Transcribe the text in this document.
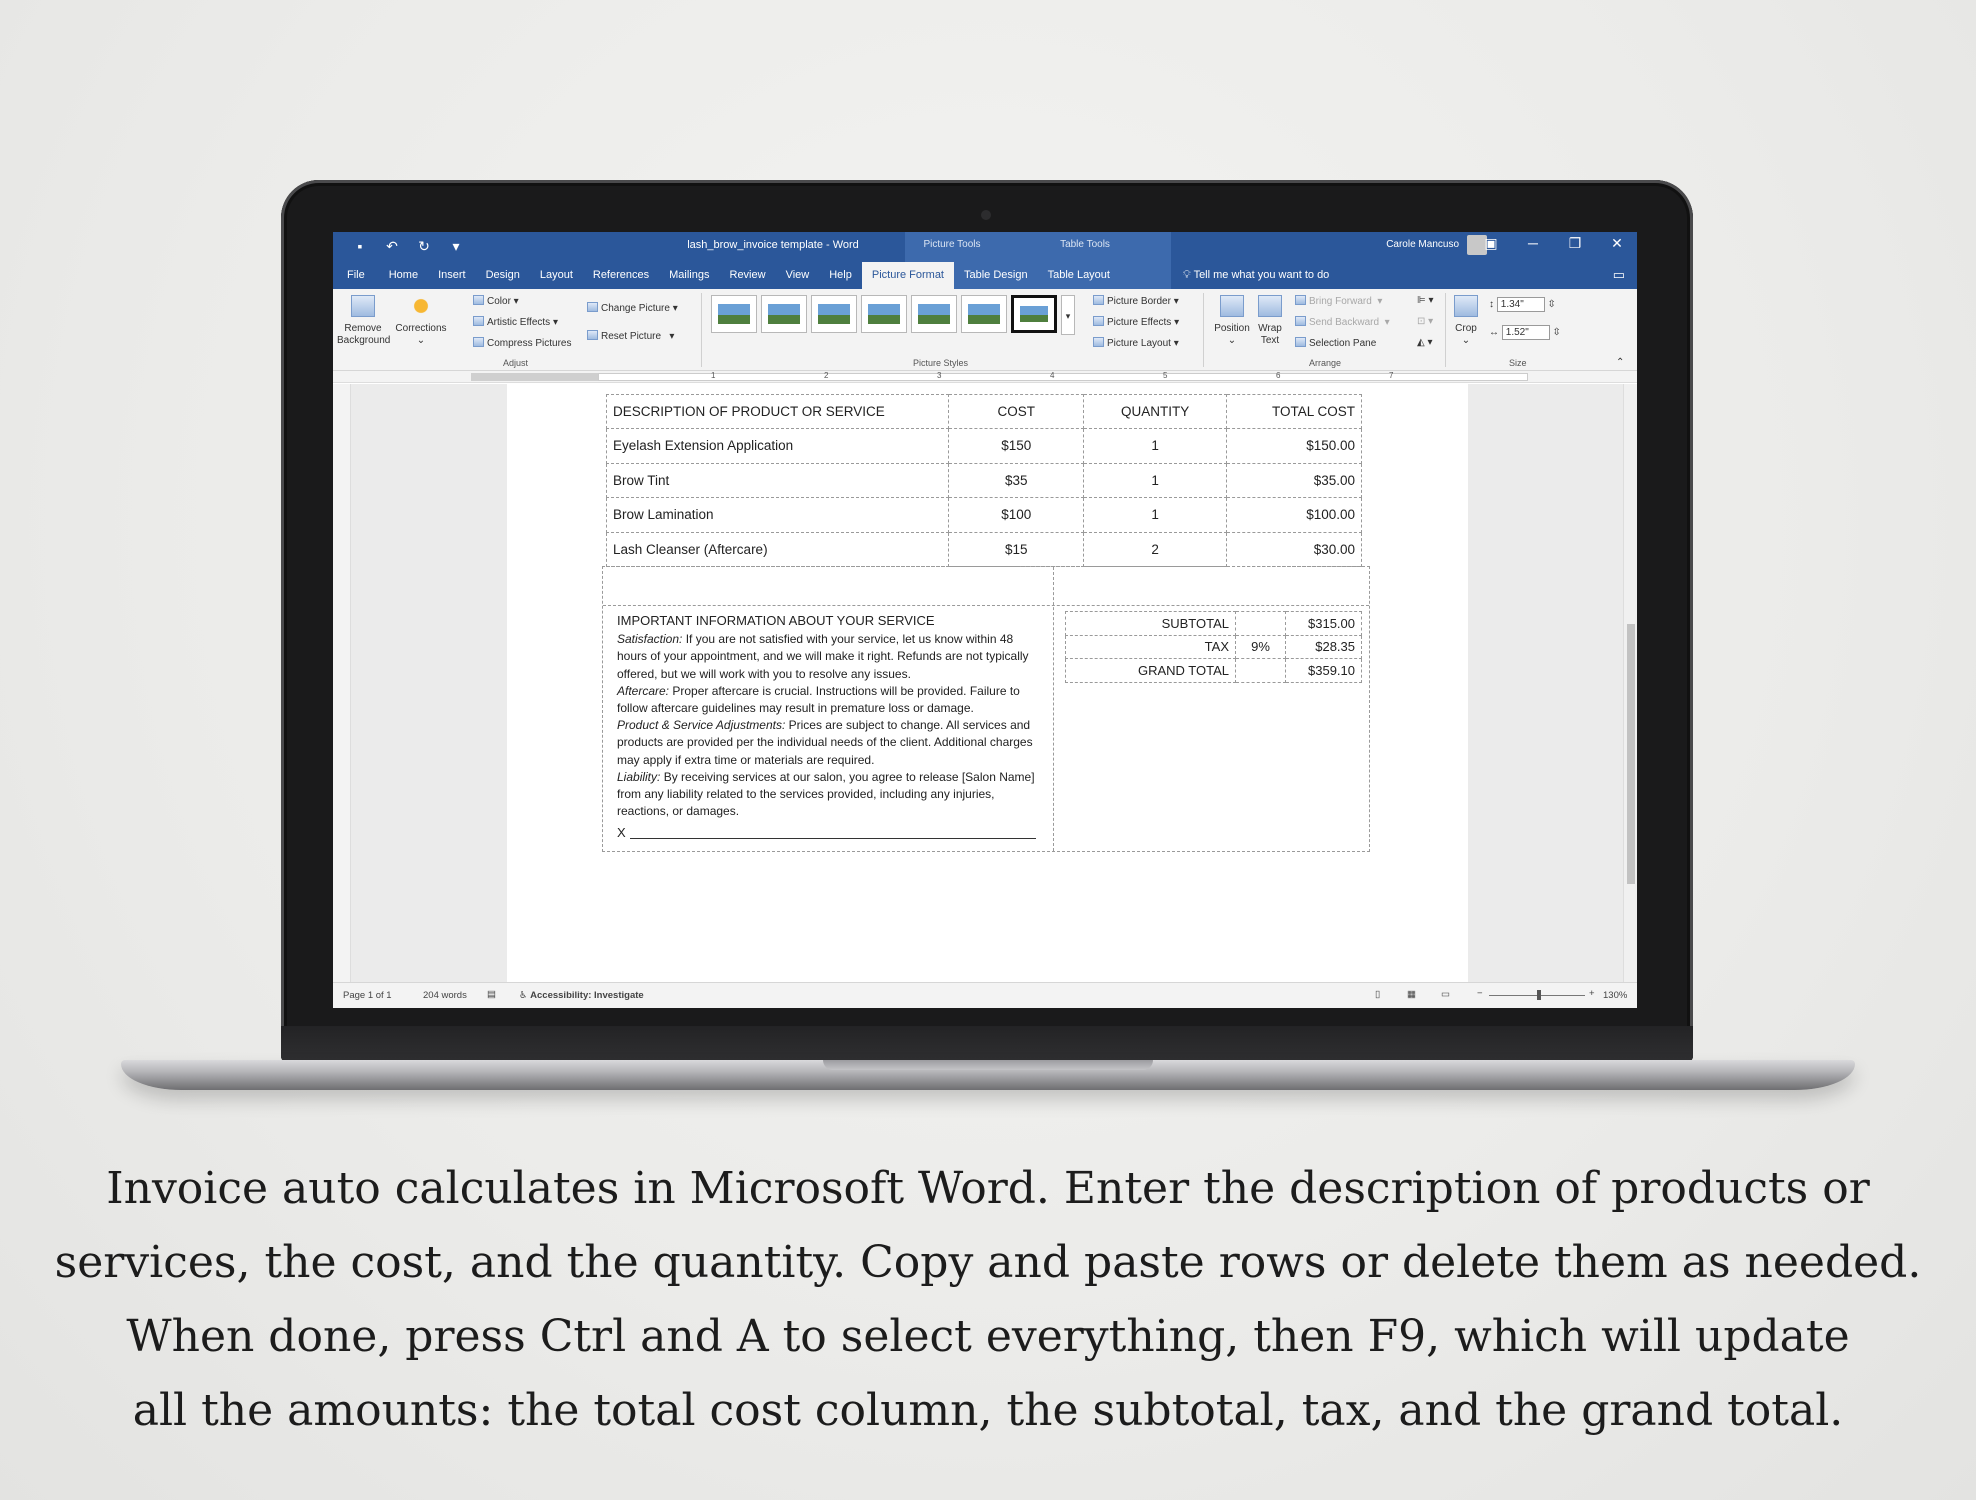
Picture Tools	Table Tools
▪	↶ ↻	▾	lash_brow_invoice template - Word	Carole Mancuso ▣	─	❐ ✕
File	Home	Insert	Design	Layout	References	Mailings	Review	View	Help	Picture Format	Table Design	Table Layout	💡︎ Tell me what you want to do	▭

Remove Background

Corrections
⌄
Color ▾
Artistic Effects ▾
Compress Pictures
Change Picture ▾
Reset Picture   ▾
Adjust
▾
Picture Border ▾
Picture Effects ▾
Picture Layout ▾
Picture Styles

Position
⌄

Wrap Text
Bring Forward  ▾
Send Backward  ▾
Selection Pane
⊫ ▾
⊡ ▾
◭ ▾
Arrange

Crop
⌄
↕ 1.34" ⇳
↔ 1.52" ⇳
Size	⌃
1	2	3	4	5	6	7
DESCRIPTION OF PRODUCT OR SERVICE	COST	QUANTITY	TOTAL COST
Eyelash Extension Application	$150	1	$150.00
Brow Tint	$35	1	$35.00
Brow Lamination	$100	1	$100.00
Lash Cleanser (Aftercare)	$15	2	$30.00
IMPORTANT INFORMATION ABOUT YOUR SERVICE
Satisfaction: If you are not satisfied with your service, let us know within 48 hours of your appointment, and we will make it right. Refunds are not typically offered, but we will work with you to resolve any issues.
Aftercare: Proper aftercare is crucial. Instructions will be provided. Failure to follow aftercare guidelines may result in premature loss or damage.
Product & Service Adjustments: Prices are subject to change. All services and products are provided per the individual needs of the client. Additional charges may apply if extra time or materials are required.
Liability: By receiving services at our salon, you agree to release [Salon Name] from any liability related to the services provided, including any injuries, reactions, or damages.
X
SUBTOTAL		$315.00
TAX	9%	$28.35
GRAND TOTAL		$359.10
Page 1 of 1	204 words ▤ ♿︎ Accessibility: Investigate	▯	▦	▭	−	+ 130%
Invoice auto calculates in Microsoft Word. Enter the description of products or
services, the cost, and the quantity. Copy and paste rows or delete them as needed.
When done, press Ctrl and A to select everything, then F9, which will update
all the amounts: the total cost column, the subtotal, tax, and the grand total.
